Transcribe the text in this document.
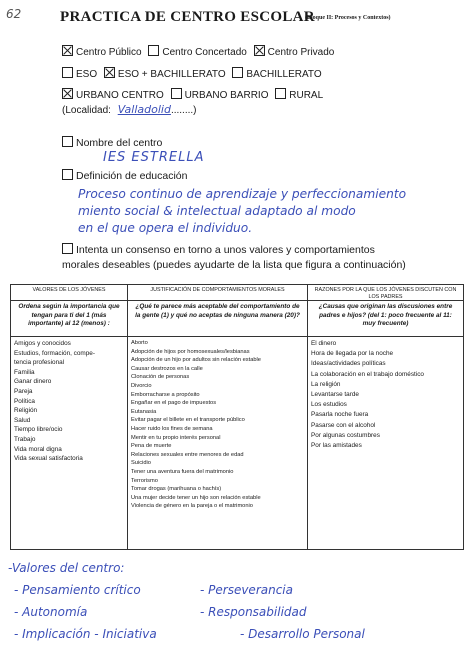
62	PRACTICA DE CENTRO ESCOLAR
(Bloque II: Procesos y Contextos)
Centro Público Centro Concertado Centro Privado
ESO ESO + BACHILLERATO BACHILLERATO
URBANO CENTRO URBANO BARRIO RURAL
(Localidad: Valladolid........)
Nombre del centro
IES ESTRELLA
Definición de educación
Proceso continuo de aprendizaje y perfeccionamiento
miento social & intelectual adaptado al modo
en el que opera el individuo.
Intenta un consenso en torno a unos valores y comportamientos
morales deseables (puedes ayudarte de la lista que figura a continuación)
VALORES DE LOS JÓVENES
Ordena según la importancia que tengan para ti del 1 (más importante) al 12 (menos) :
Amigos y conocidos
Estudios, formación, compe-
tencia profesional
Familia
Ganar dinero
Pareja
Política
Religión
Salud
Tiempo libre/ocio
Trabajo
Vida moral digna
Vida sexual satisfactoria
JUSTIFICACIÓN DE COMPORTAMIENTOS MORALES
¿Qué te parece más aceptable del comportamiento de la gente (1) y qué no aceptas de ninguna manera (20)?
Aborto
Adopción de hijos por homosexuales/lesbianas
Adopción de un hijo por adultos sin relación estable
Causar destrozos en la calle
Clonación de personas
Divorcio
Emborracharse a propósito
Engañar en el pago de impuestos
Eutanasia
Evitar pagar el billete en el transporte público
Hacer ruido los fines de semana
Mentir en tu propio interés personal
Pena de muerte
Relaciones sexuales entre menores de edad
Suicidio
Tener una aventura fuera del matrimonio
Terrorismo
Tomar drogas (marihuana o hachís)
Una mujer decide tener un hijo son relación estable
Violencia de género en la pareja o el matrimonio
RAZONES POR LA QUE LOS JÓVENES DISCUTEN CON LOS PADRES
¿Causas que originan las discusiones entre padres e hijos? (del 1: poco frecuente al 11: muy frecuente)
El dinero
Hora de llegada por la noche
Ideas/actividades políticas
La colaboración en el trabajo doméstico
La religión
Levantarse tarde
Los estudios
Pasarla noche fuera
Pasarse con el alcohol
Por algunas costumbres
Por las amistades
-Valores del centro:
- Pensamiento crítico
- Autonomía
- Implicación - Iniciativa
- Perseverancia
- Responsabilidad
- Desarrollo Personal
